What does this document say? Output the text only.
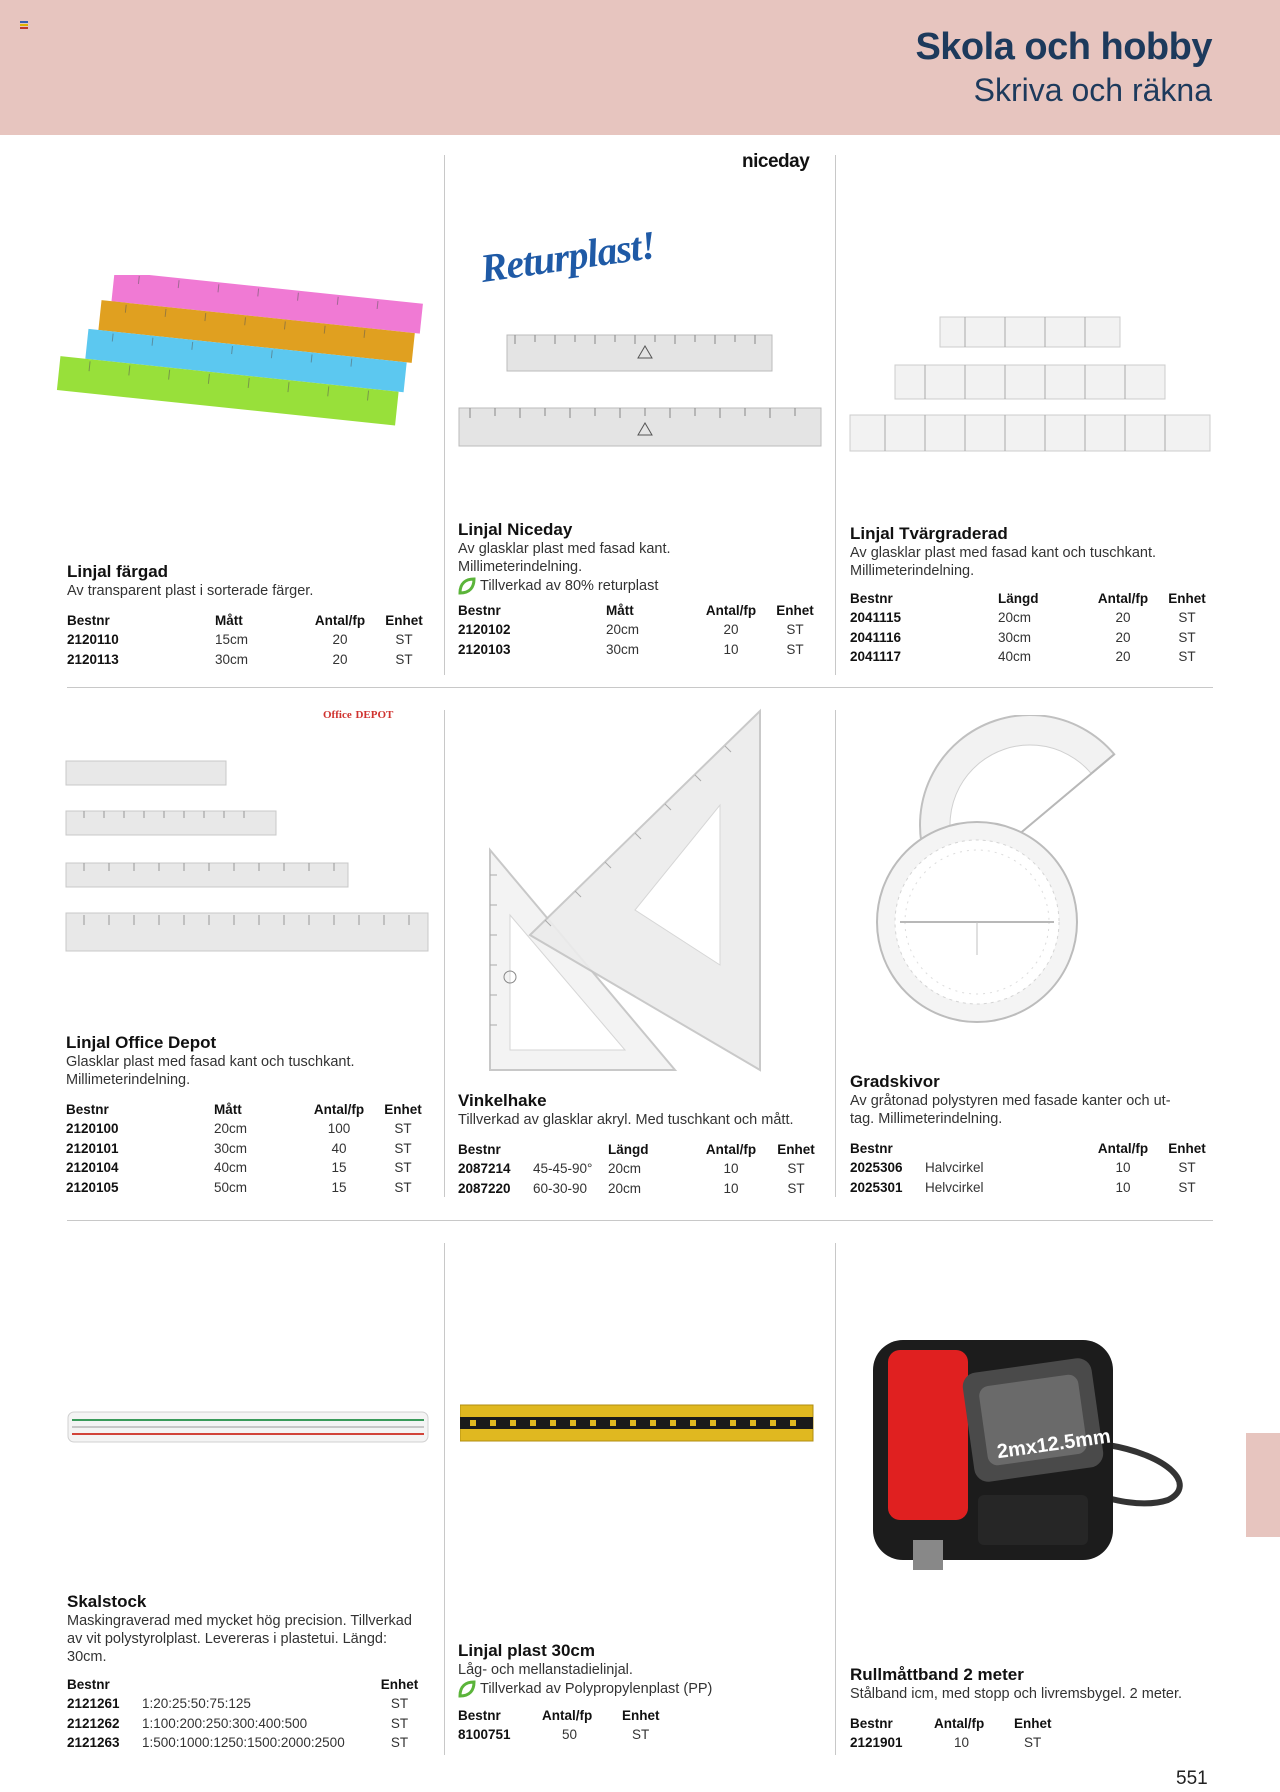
Skola och hobby
Skriva och räkna
niceday
Returplast!
Office DEPOT
2mx12.5mm
Linjal färgad
Av transparent plast i sorterade färger.
Bestnr	Mått	Antal/fp	Enhet
2120110	15cm	20	ST
2120113	30cm	20	ST
Linjal Niceday
Av glasklar plast med fasad kant.
Millimeterindelning.
Tillverkad av 80% returplast
Bestnr	Mått	Antal/fp	Enhet
2120102	20cm	20	ST
2120103	30cm	10	ST
Linjal Tvärgraderad
Av glasklar plast med fasad kant och tuschkant.
Millimeterindelning.
Bestnr	Längd	Antal/fp	Enhet
2041115	20cm	20	ST
2041116	30cm	20	ST
2041117	40cm	20	ST
Linjal Office Depot
Glasklar plast med fasad kant och tuschkant.
Millimeterindelning.
Bestnr	Mått	Antal/fp	Enhet
2120100	20cm	100	ST
2120101	30cm	40	ST
2120104	40cm	15	ST
2120105	50cm	15	ST
Vinkelhake
Tillverkad av glasklar akryl. Med tuschkant och mått.
Bestnr		Längd	Antal/fp	Enhet
2087214	45-45-90°	20cm	10	ST
2087220	60-30-90	20cm	10	ST
Gradskivor
Av gråtonad polystyren med fasade kanter och ut-
tag. Millimeterindelning.
Bestnr		Antal/fp	Enhet
2025306	Halvcirkel	10	ST
2025301	Helvcirkel	10	ST
Skalstock
Maskingraverad med mycket hög precision. Tillverkad
av vit polystyrolplast. Levereras i plastetui. Längd:
30cm.
Bestnr		Enhet
2121261	1:20:25:50:75:125	ST
2121262	1:100:200:250:300:400:500	ST
2121263	1:500:1000:1250:1500:2000:2500	ST
Linjal plast 30cm
Låg- och mellanstadielinjal.
Tillverkad av Polypropylenplast (PP)
Bestnr	Antal/fp	Enhet
8100751	50	ST
Rullmåttband 2 meter
Stålband icm, med stopp och livremsbygel. 2 meter.
Bestnr	Antal/fp	Enhet
2121901	10	ST
551
